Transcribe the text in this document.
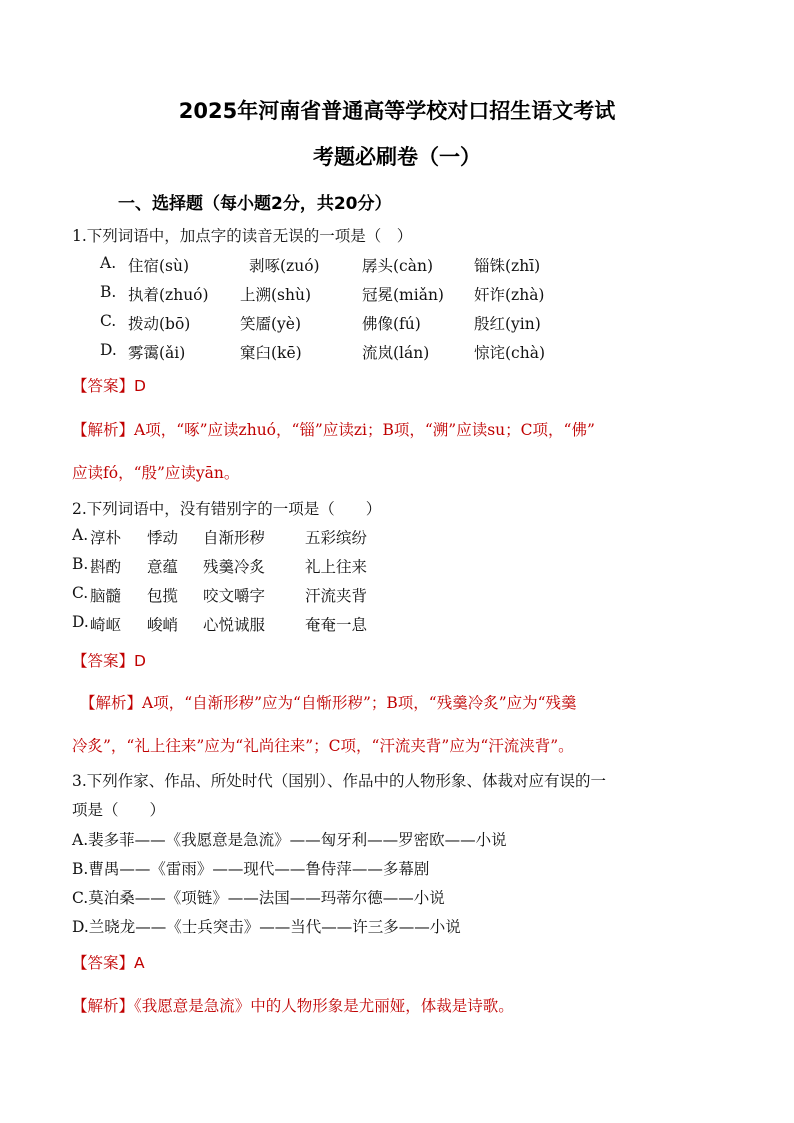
2025年河南省普通高等学校对口招生语文考试
考题必刷卷（一）
一、选择题（每小题2分，共20分）
1.下列词语中，加点字的读音无误的一项是（　）
A. 住宿(sù)	剥啄(zuó)	孱头(càn)	锱铢(zhī)
B. 执着(zhuó) 上溯(shù)	冠冕(miǎn) 奸诈(zhà)
C. 拨动(bō)	笑靥(yè)	佛像(fú)	殷红(yin)
D. 雾霭(ǎi)	窠臼(kē)	流岚(lán)	惊诧(chà)
【答案】D
【解析】A项，“啄”应读zhuó，“锱”应读zi；B项，“溯”应读su；C项，“佛”
应读fó，“殷”应读yān。
2.下列词语中，没有错别字的一项是（　　）
A. 淳朴 悸动 自渐形秽	五彩缤纷
B. 斟酌 意蕴 残羹冷炙	礼上往来
C. 脑髓 包揽 咬文嚼字	汗流夹背
D. 崎岖 峻峭 心悦诚服	奄奄一息
【答案】D
【解析】A项，“自渐形秽”应为“自惭形秽”；B项，“残羹冷炙”应为“残羹
冷炙”，“礼上往来”应为“礼尚往来”；C项，“汗流夹背”应为“汗流浃背”。
3.下列作家、作品、所处时代（国别）、作品中的人物形象、体裁对应有误的一
项是（　　）
A.裴多菲——《我愿意是急流》——匈牙利——罗密欧——小说
B.曹禺——《雷雨》——现代——鲁侍萍——多幕剧
C.莫泊桑——《项链》——法国——玛蒂尔德——小说
D.兰晓龙——《士兵突击》——当代——许三多——小说
【答案】A
【解析】《我愿意是急流》中的人物形象是尤丽娅，体裁是诗歌。
